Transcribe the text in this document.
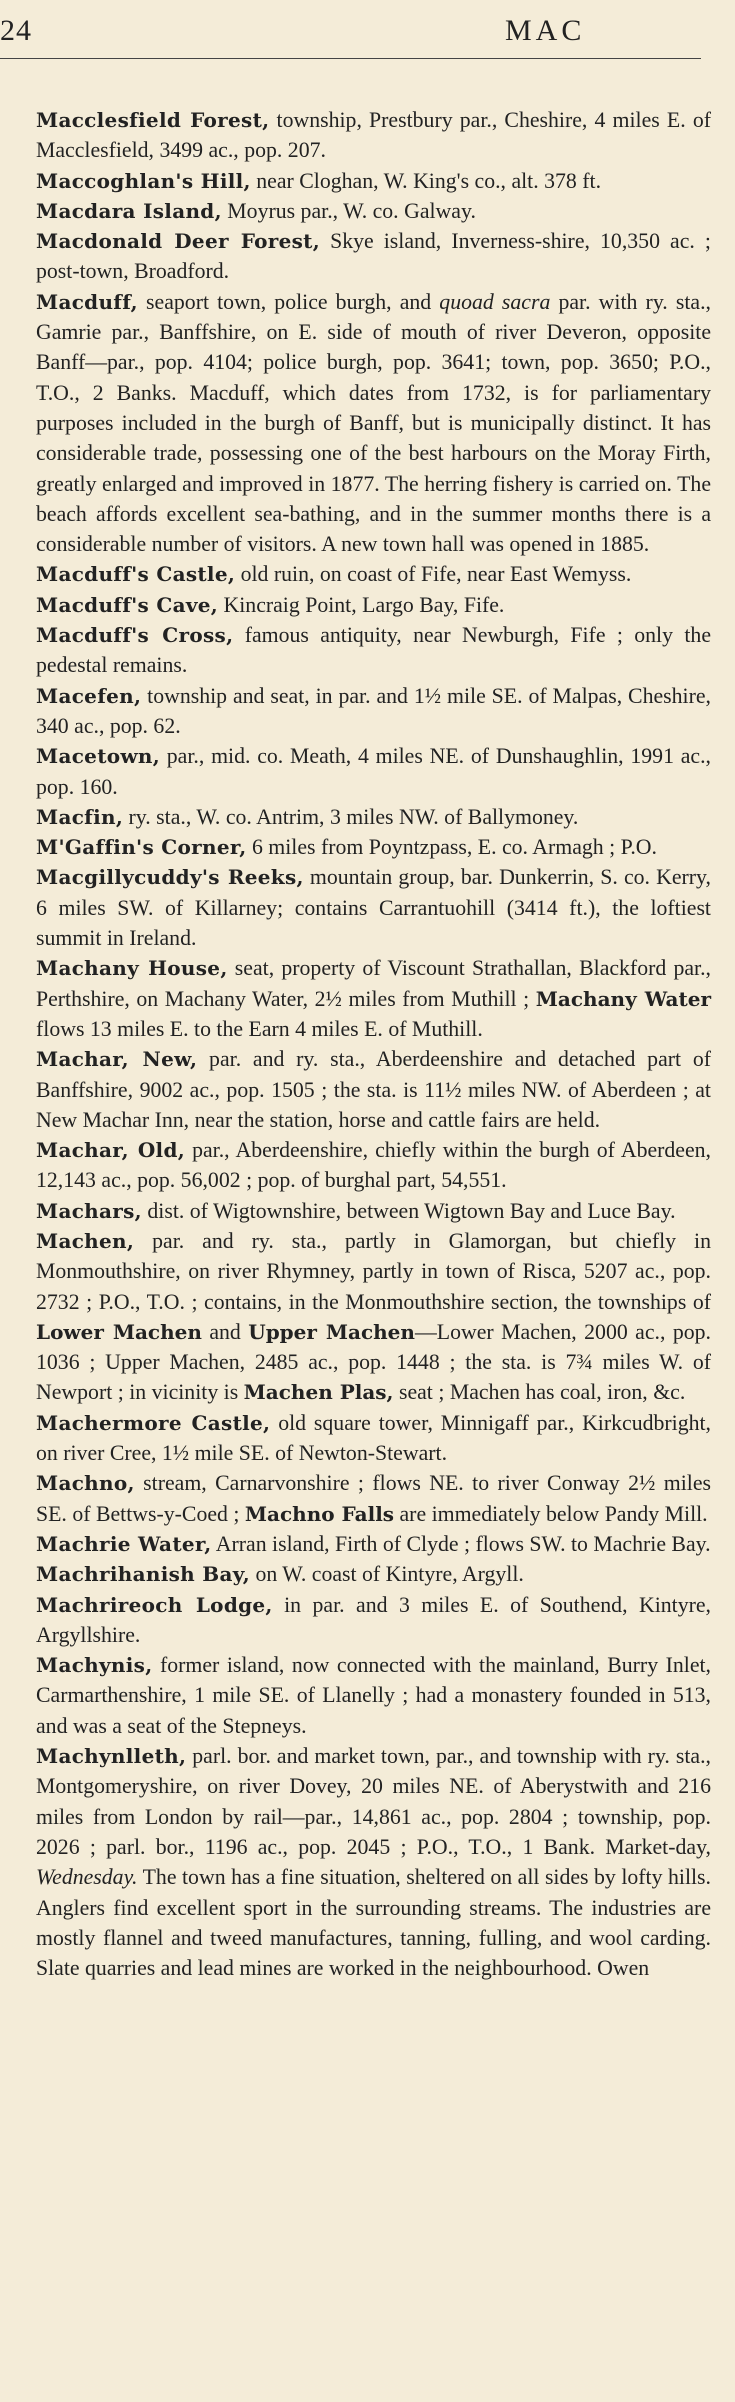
24	MAC

Macclesfield Forest, township, Prestbury par., Cheshire, 4 miles E. of Macclesfield, 3499 ac., pop. 207.

Maccoghlan's Hill, near Cloghan, W. King's co., alt. 378 ft.

Macdara Island, Moyrus par., W. co. Galway.

Macdonald Deer Forest, Skye island, Inverness-shire, 10,350 ac. ; post-town, Broadford.

Macduff, seaport town, police burgh, and quoad sacra par. with ry. sta., Gamrie par., Banffshire, on E. side of mouth of river Deveron, opposite Banff—par., pop. 4104; police burgh, pop. 3641; town, pop. 3650; P.O., T.O., 2 Banks. Macduff, which dates from 1732, is for parliamentary purposes included in the burgh of Banff, but is municipally distinct. It has considerable trade, possessing one of the best harbours on the Moray Firth, greatly enlarged and improved in 1877. The herring fishery is carried on. The beach affords excellent sea-bathing, and in the summer months there is a considerable number of visitors. A new town hall was opened in 1885.

Macduff's Castle, old ruin, on coast of Fife, near East Wemyss.

Macduff's Cave, Kincraig Point, Largo Bay, Fife.

Macduff's Cross, famous antiquity, near Newburgh, Fife ; only the pedestal remains.

Macefen, township and seat, in par. and 1½ mile SE. of Malpas, Cheshire, 340 ac., pop. 62.

Macetown, par., mid. co. Meath, 4 miles NE. of Dunshaughlin, 1991 ac., pop. 160.

Macfin, ry. sta., W. co. Antrim, 3 miles NW. of Ballymoney.

M'Gaffin's Corner, 6 miles from Poyntzpass, E. co. Armagh ; P.O.

Macgillycuddy's Reeks, mountain group, bar. Dunkerrin, S. co. Kerry, 6 miles SW. of Killarney; contains Carrantuohill (3414 ft.), the loftiest summit in Ireland.

Machany House, seat, property of Viscount Strathallan, Blackford par., Perthshire, on Machany Water, 2½ miles from Muthill ; Machany Water flows 13 miles E. to the Earn 4 miles E. of Muthill.

Machar, New, par. and ry. sta., Aberdeenshire and detached part of Banffshire, 9002 ac., pop. 1505 ; the sta. is 11½ miles NW. of Aberdeen ; at New Machar Inn, near the station, horse and cattle fairs are held.

Machar, Old, par., Aberdeenshire, chiefly within the burgh of Aberdeen, 12,143 ac., pop. 56,002 ; pop. of burghal part, 54,551.

Machars, dist. of Wigtownshire, between Wigtown Bay and Luce Bay.

Machen, par. and ry. sta., partly in Glamorgan, but chiefly in Monmouthshire, on river Rhymney, partly in town of Risca, 5207 ac., pop. 2732 ; P.O., T.O. ; contains, in the Monmouthshire section, the townships of Lower Machen and Upper Machen—Lower Machen, 2000 ac., pop. 1036 ; Upper Machen, 2485 ac., pop. 1448 ; the sta. is 7¾ miles W. of Newport ; in vicinity is Machen Plas, seat ; Machen has coal, iron, &c.

Machermore Castle, old square tower, Minnigaff par., Kirkcudbright, on river Cree, 1½ mile SE. of Newton-Stewart.

Machno, stream, Carnarvonshire ; flows NE. to river Conway 2½ miles SE. of Bettws-y-Coed ; Machno Falls are immediately below Pandy Mill.

Machrie Water, Arran island, Firth of Clyde ; flows SW. to Machrie Bay.

Machrihanish Bay, on W. coast of Kintyre, Argyll.

Machrireoch Lodge, in par. and 3 miles E. of Southend, Kintyre, Argyllshire.

Machynis, former island, now connected with the mainland, Burry Inlet, Carmarthenshire, 1 mile SE. of Llanelly ; had a monastery founded in 513, and was a seat of the Stepneys.

Machynlleth, parl. bor. and market town, par., and township with ry. sta., Montgomeryshire, on river Dovey, 20 miles NE. of Aberystwith and 216 miles from London by rail—par., 14,861 ac., pop. 2804 ; township, pop. 2026 ; parl. bor., 1196 ac., pop. 2045 ; P.O., T.O., 1 Bank. Market-day, Wednesday. The town has a fine situation, sheltered on all sides by lofty hills. Anglers find excellent sport in the surrounding streams. The industries are mostly flannel and tweed manufactures, tanning, fulling, and wool carding. Slate quarries and lead mines are worked in the neighbourhood. Owen
